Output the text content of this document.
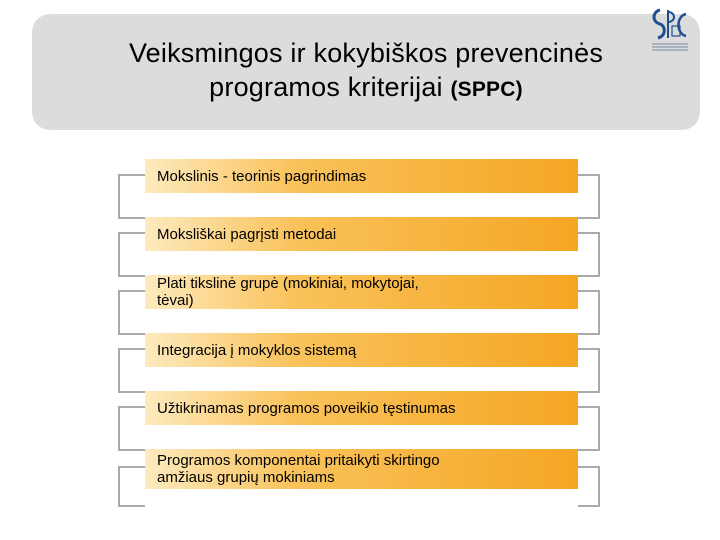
Veiksmingos ir kokybiškos prevencinės
programos kriterijai (SPPC)
Mokslinis - teorinis pagrindimas
Moksliškai pagrįsti metodai
Plati tikslinė grupė (mokiniai, mokytojai, tėvai)
Integracija į mokyklos sistemą
Užtikrinamas programos poveikio tęstinumas
Programos komponentai pritaikyti skirtingo amžiaus grupių mokiniams
